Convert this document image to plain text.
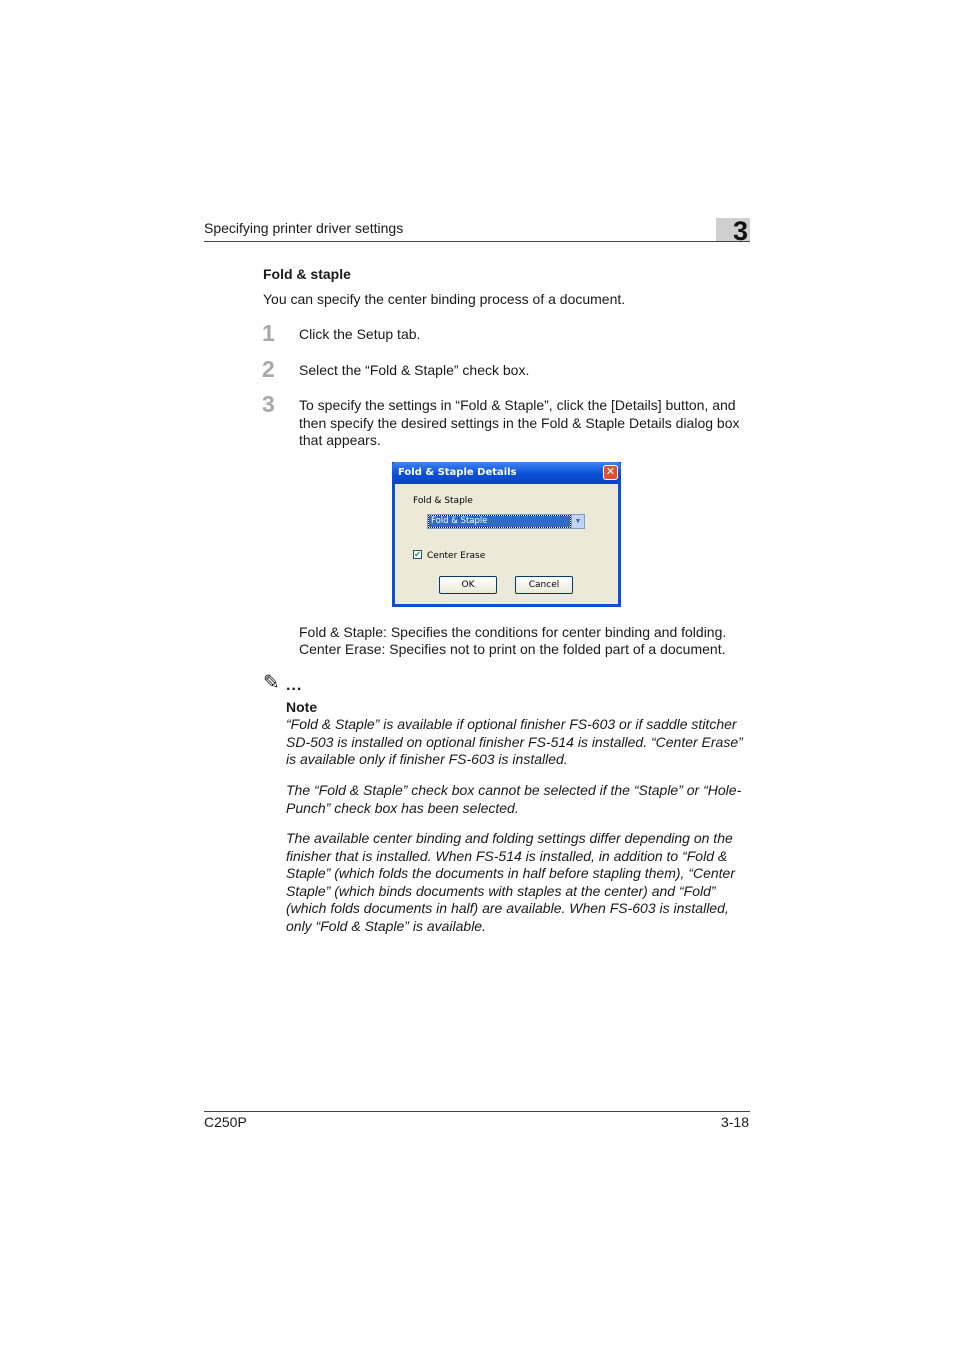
Specifying printer driver settings	3
Fold & staple
You can specify the center binding process of a document.
1 Click the Setup tab.
2 Select the “Fold & Staple” check box.
3 To specify the settings in “Fold & Staple”, click the [Details] button, and then specify the desired settings in the Fold & Staple Details dialog box that appears.
Fold & Staple Details	✕
Fold & Staple
Fold & Staple	▼
✔ Center Erase
OK	Cancel
Fold & Staple: Specifies the conditions for center binding and folding.
Center Erase: Specifies not to print on the folded part of a document.
✎ ...
Note
“Fold & Staple” is available if optional finisher FS-603 or if saddle stitcher SD-503 is installed on optional finisher FS-514 is installed. “Center Erase” is available only if finisher FS-603 is installed.
The “Fold & Staple” check box cannot be selected if the “Staple” or “Hole-Punch” check box has been selected.
The available center binding and folding settings differ depending on the finisher that is installed. When FS-514 is installed, in addition to “Fold & Staple” (which folds the documents in half before stapling them), “Center Staple” (which binds documents with staples at the center) and “Fold” (which folds documents in half) are available. When FS-603 is installed, only “Fold & Staple” is available.
C250P	3-18
